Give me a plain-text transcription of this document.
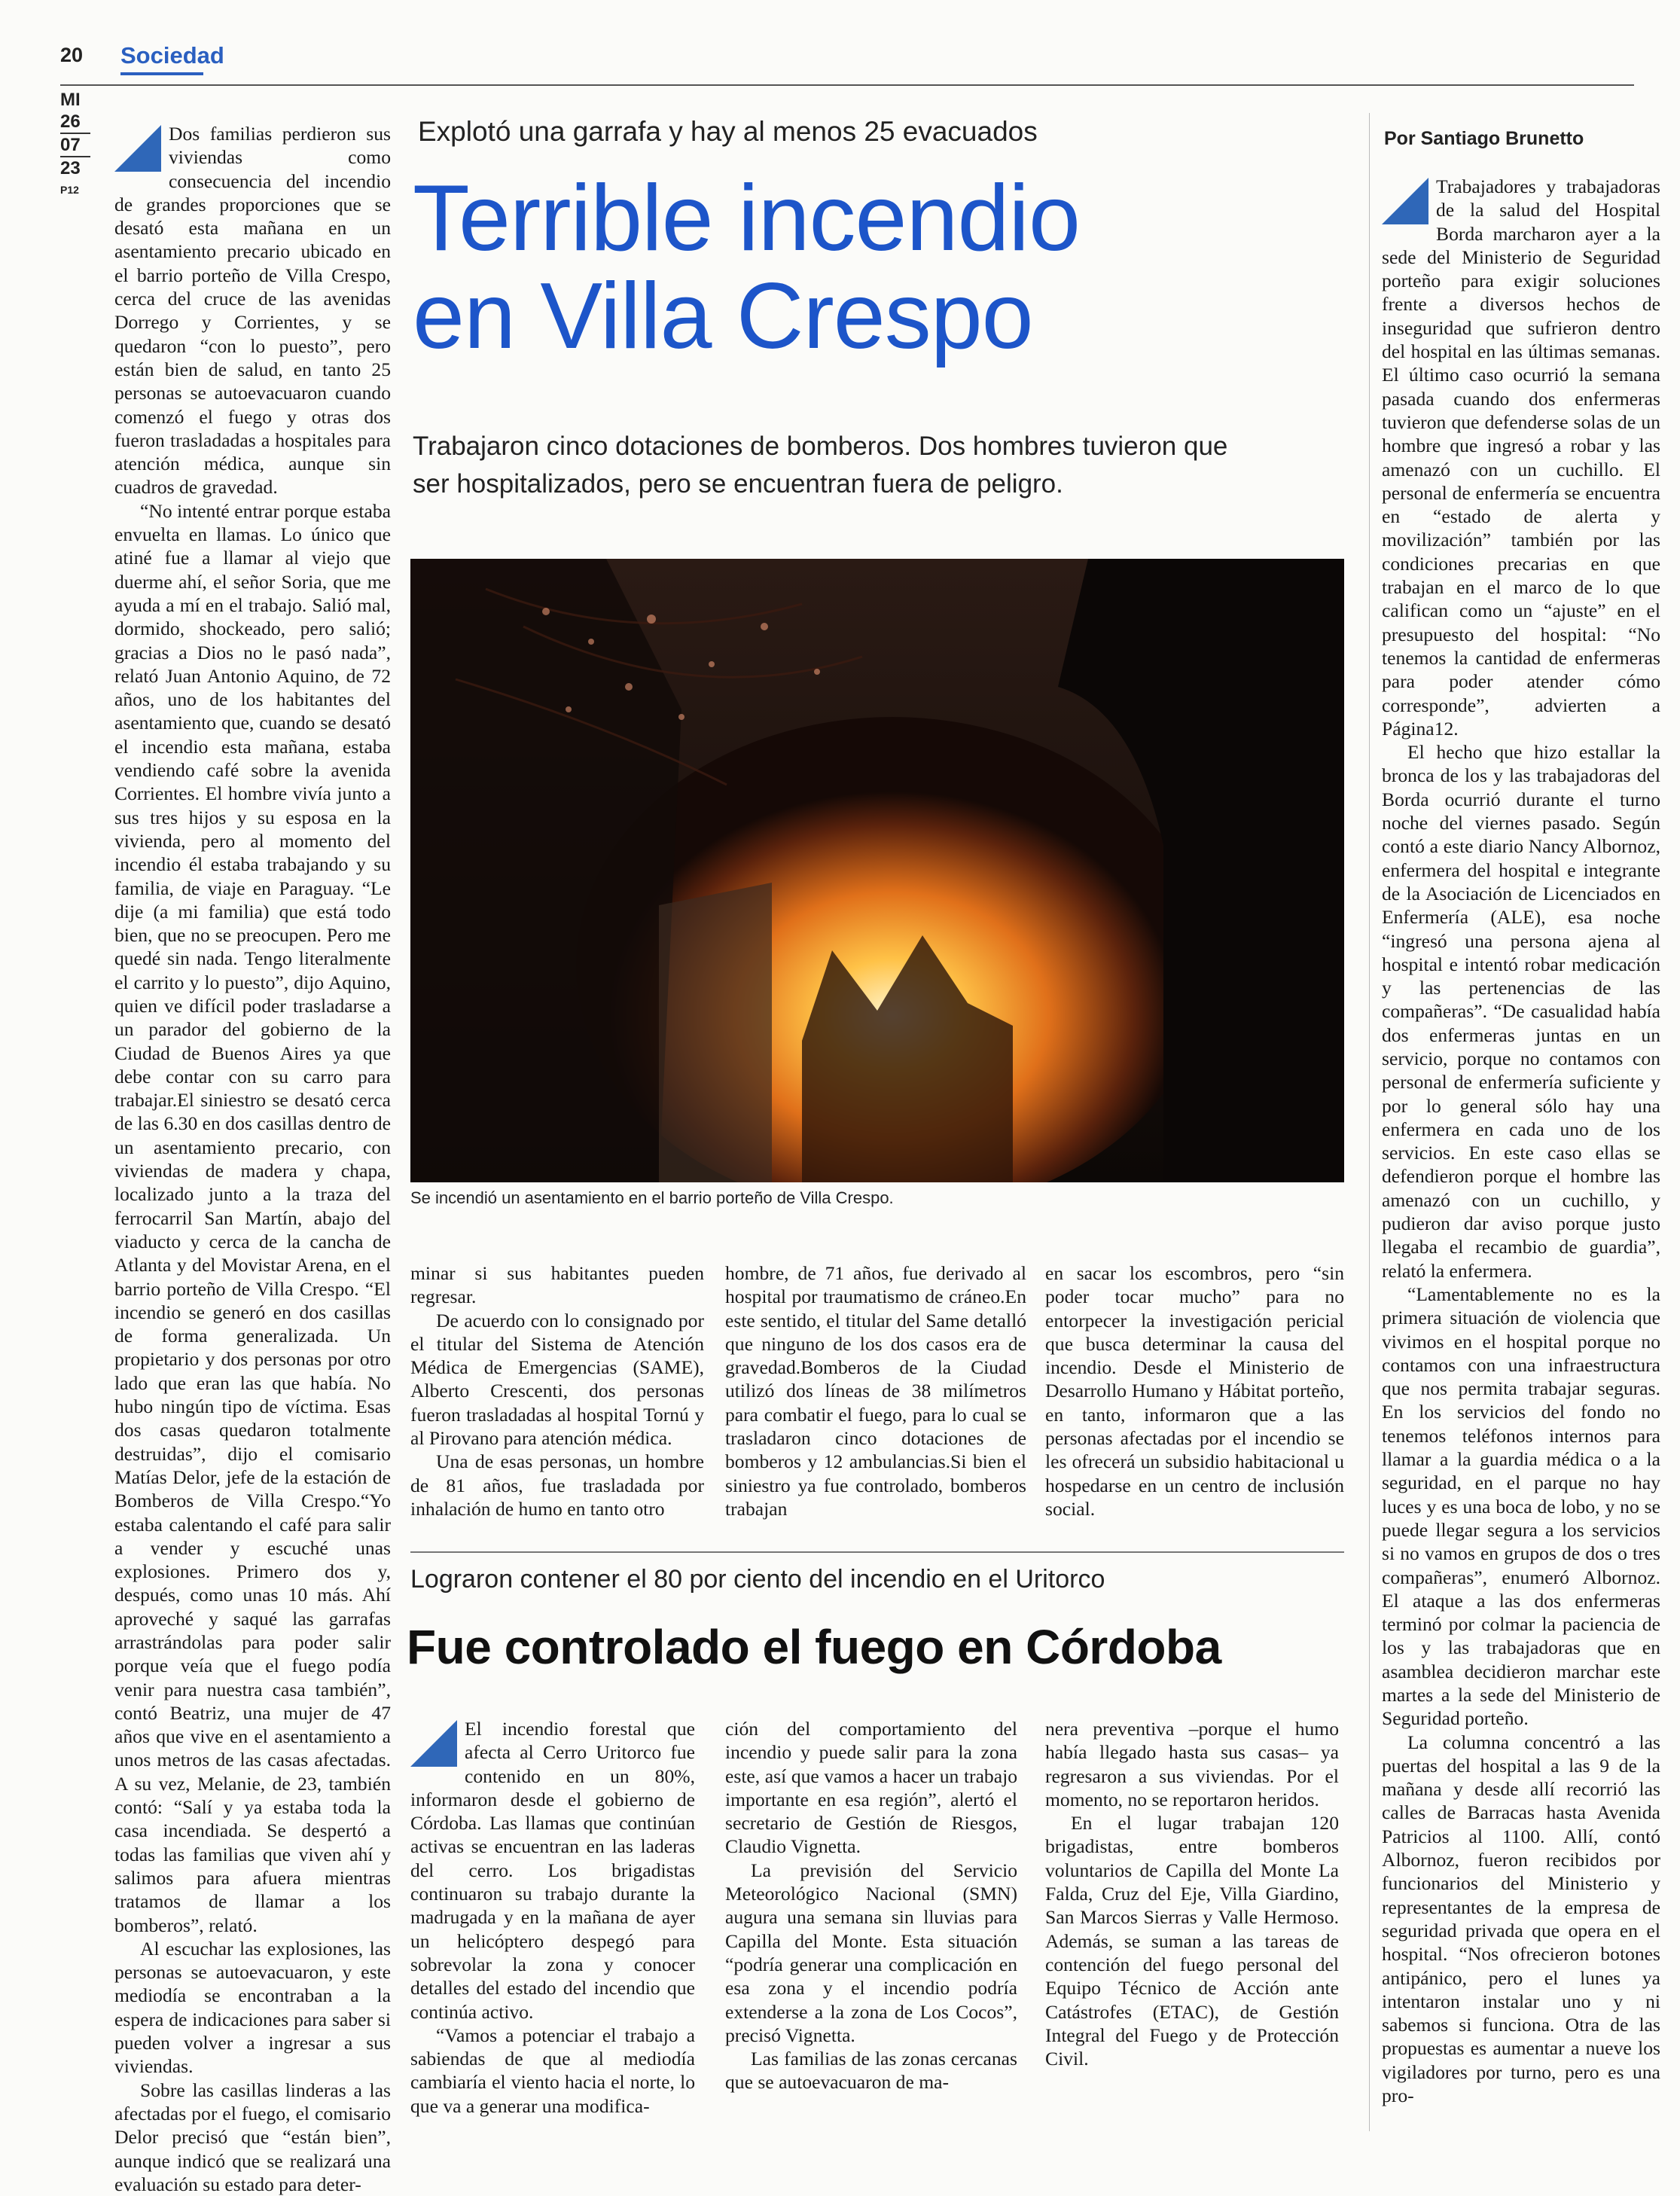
20 Sociedad
MI
26
07
23
P12

Dos familias perdieron sus viviendas como consecuencia del incendio de grandes proporciones que se desató esta mañana en un asentamiento precario ubicado en el barrio porteño de Villa Crespo, cerca del cruce de las avenidas Dorrego y Corrientes, y se quedaron “con lo puesto”, pero están bien de salud, en tanto 25 personas se autoevacuaron cuando comenzó el fuego y otras dos fueron trasladadas a hospitales para atención médica, aunque sin cuadros de gravedad.

“No intenté entrar porque estaba envuelta en llamas. Lo único que atiné fue a llamar al viejo que duerme ahí, el señor Soria, que me ayuda a mí en el trabajo. Salió mal, dormido, shockeado, pero salió; gracias a Dios no le pasó nada”, relató Juan Antonio Aquino, de 72 años, uno de los habitantes del asentamiento que, cuando se desató el incendio esta mañana, estaba vendiendo café sobre la avenida Corrientes. El hombre vivía junto a sus tres hijos y su esposa en la vivienda, pero al momento del incendio él estaba trabajando y su familia, de viaje en Paraguay. “Le dije (a mi familia) que está todo bien, que no se preocupen. Pero me quedé sin nada. Tengo literalmente el carrito y lo puesto”, dijo Aquino, quien ve difícil poder trasladarse a un parador del gobierno de la Ciudad de Buenos Aires ya que debe contar con su carro para trabajar.El siniestro se desató cerca de las 6.30 en dos casillas dentro de un asentamiento precario, con viviendas de madera y chapa, localizado junto a la traza del ferrocarril San Martín, abajo del viaducto y cerca de la cancha de Atlanta y del Movistar Arena, en el barrio porteño de Villa Crespo. “El incendio se generó en dos casillas de forma generalizada. Un propietario y dos personas por otro lado que eran las que había. No hubo ningún tipo de víctima. Esas dos casas quedaron totalmente destruidas”, dijo el comisario Matías Delor, jefe de la estación de Bomberos de Villa Crespo.“Yo estaba calentando el café para salir a vender y escuché unas explosiones. Primero dos y, después, como unas 10 más. Ahí aproveché y saqué las garrafas arrastrándolas para poder salir porque veía que el fuego podía venir para nuestra casa también”, contó Beatriz, una mujer de 47 años que vive en el asentamiento a unos metros de las casas afectadas. A su vez, Melanie, de 23, también contó: “Salí y ya estaba toda la casa incendiada. Se despertó a todas las familias que viven ahí y salimos para afuera mientras tratamos de llamar a los bomberos”, relató.

Al escuchar las explosiones, las personas se autoevacuaron, y este mediodía se encontraban a la espera de indicaciones para saber si pueden volver a ingresar a sus viviendas.

Sobre las casillas linderas a las afectadas por el fuego, el comisario Delor precisó que “están bien”, aunque indicó que se realizará una evaluación su estado para deter-

Explotó una garrafa y hay al menos 25 evacuados
Terrible incendio
en Villa Crespo
Trabajaron cinco dotaciones de bomberos. Dos hombres tuvieron que ser hospitalizados, pero se encuentran fuera de peligro.
Se incendió un asentamiento en el barrio porteño de Villa Crespo.

minar si sus habitantes pueden regresar.

De acuerdo con lo consignado por el titular del Sistema de Atención Médica de Emergencias (SAME), Alberto Crescenti, dos personas fueron trasladadas al hospital Tornú y al Pirovano para atención médica.

Una de esas personas, un hombre de 81 años, fue trasladada por inhalación de humo en tanto otro

hombre, de 71 años, fue derivado al hospital por traumatismo de cráneo.En este sentido, el titular del Same detalló que ninguno de los dos casos era de gravedad.Bomberos de la Ciudad utilizó dos líneas de 38 milímetros para combatir el fuego, para lo cual se trasladaron cinco dotaciones de bomberos y 12 ambulancias.Si bien el siniestro ya fue controlado, bomberos trabajan

en sacar los escombros, pero “sin poder tocar mucho” para no entorpecer la investigación pericial que busca determinar la causa del incendio. Desde el Ministerio de Desarrollo Humano y Hábitat porteño, en tanto, informaron que a las personas afectadas por el incendio se les ofrecerá un subsidio habitacional u hospedarse en un centro de inclusión social.

Lograron contener el 80 por ciento del incendio en el Uritorco
Fue controlado el fuego en Córdoba

El incendio forestal que afecta al Cerro Uritorco fue contenido en un 80%, informaron desde el gobierno de Córdoba. Las llamas que continúan activas se encuentran en las laderas del cerro. Los brigadistas continuaron su trabajo durante la madrugada y en la mañana de ayer un helicóptero despegó para sobrevolar la zona y conocer detalles del estado del incendio que continúa activo.

“Vamos a potenciar el trabajo a sabiendas de que al mediodía cambiaría el viento hacia el norte, lo que va a generar una modifica-

ción del comportamiento del incendio y puede salir para la zona este, así que vamos a hacer un trabajo importante en esa región”, alertó el secretario de Gestión de Riesgos, Claudio Vignetta.

La previsión del Servicio Meteorológico Nacional (SMN) augura una semana sin lluvias para Capilla del Monte. Esta situación “podría generar una complicación en esa zona y el incendio podría extenderse a la zona de Los Cocos”, precisó Vignetta.

Las familias de las zonas cercanas que se autoevacuaron de ma-

nera preventiva –porque el humo había llegado hasta sus casas– ya regresaron a sus viviendas. Por el momento, no se reportaron heridos.

En el lugar trabajan 120 brigadistas, entre bomberos voluntarios de Capilla del Monte La Falda, Cruz del Eje, Villa Giardino, San Marcos Sierras y Valle Hermoso. Además, se suman a las tareas de contención del fuego personal del Equipo Técnico de Acción ante Catástrofes (ETAC), de Gestión Integral del Fuego y de Protección Civil.

Por Santiago Brunetto

Trabajadores y trabajadoras de la salud del Hospital Borda marcharon ayer a la sede del Ministerio de Seguridad porteño para exigir soluciones frente a diversos hechos de inseguridad que sufrieron dentro del hospital en las últimas semanas. El último caso ocurrió la semana pasada cuando dos enfermeras tuvieron que defenderse solas de un hombre que ingresó a robar y las amenazó con un cuchillo. El personal de enfermería se encuentra en “estado de alerta y movilización” también por las condiciones precarias en que trabajan en el marco de lo que califican como un “ajuste” en el presupuesto del hospital: “No tenemos la cantidad de enfermeras para poder atender cómo corresponde”, advierten a Página12.

El hecho que hizo estallar la bronca de los y las trabajadoras del Borda ocurrió durante el turno noche del viernes pasado. Según contó a este diario Nancy Albornoz, enfermera del hospital e integrante de la Asociación de Licenciados en Enfermería (ALE), esa noche “ingresó una persona ajena al hospital e intentó robar medicación y las pertenencias de las compañeras”. “De casualidad había dos enfermeras juntas en un servicio, porque no contamos con personal de enfermería suficiente y por lo general sólo hay una enfermera en cada uno de los servicios. En este caso ellas se defendieron porque el hombre las amenazó con un cuchillo, y pudieron dar aviso porque justo llegaba el recambio de guardia”, relató la enfermera.

“Lamentablemente no es la primera situación de violencia que vivimos en el hospital porque no contamos con una infraestructura que nos permita trabajar seguras. En los servicios del fondo no tenemos teléfonos internos para llamar a la guardia médica o a la seguridad, en el parque no hay luces y es una boca de lobo, y no se puede llegar segura a los servicios si no vamos en grupos de dos o tres compañeras”, enumeró Albornoz. El ataque a las dos enfermeras terminó por colmar la paciencia de los y las trabajadoras que en asamblea decidieron marchar este martes a la sede del Ministerio de Seguridad porteño.

La columna concentró a las puertas del hospital a las 9 de la mañana y desde allí recorrió las calles de Barracas hasta Avenida Patricios al 1100. Allí, contó Albornoz, fueron recibidos por funcionarios del Ministerio y representantes de la empresa de seguridad privada que opera en el hospital. “Nos ofrecieron botones antipánico, pero el lunes ya intentaron instalar uno y ni sabemos si funciona. Otra de las propuestas es aumentar a nueve los vigiladores por turno, pero es una pro-
